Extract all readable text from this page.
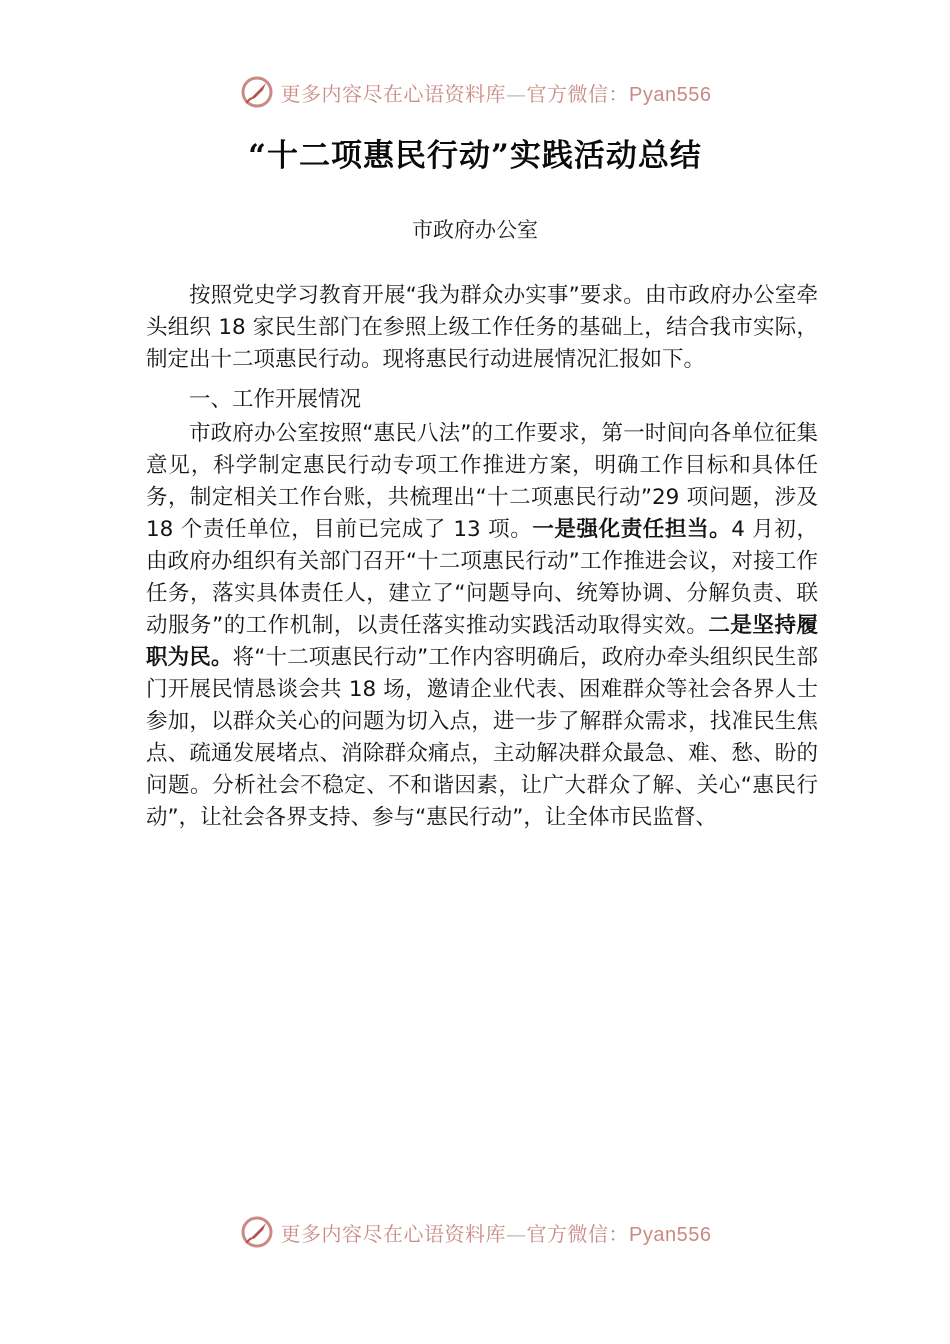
更多内容尽在心语资料库—官方微信：Pyan556
“十二项惠民行动”实践活动总结
市政府办公室

按照党史学习教育开展“我为群众办实事”要求。由市政府办公室牵头组织 18 家民生部门在参照上级工作任务的基础上，结合我市实际，制定出十二项惠民行动。现将惠民行动进展情况汇报如下。

一、工作开展情况

市政府办公室按照“惠民八法”的工作要求，第一时间向各单位征集意见，科学制定惠民行动专项工作推进方案，明确工作目标和具体任务，制定相关工作台账，共梳理出“十二项惠民行动”29 项问题，涉及 18 个责任单位，目前已完成了 13 项。一是强化责任担当。4 月初，由政府办组织有关部门召开“十二项惠民行动”工作推进会议，对接工作任务，落实具体责任人，建立了“问题导向、统筹协调、分解负责、联动服务”的工作机制，以责任落实推动实践活动取得实效。二是坚持履职为民。将“十二项惠民行动”工作内容明确后，政府办牵头组织民生部门开展民情恳谈会共 18 场，邀请企业代表、困难群众等社会各界人士参加，以群众关心的问题为切入点，进一步了解群众需求，找准民生焦点、疏通发展堵点、消除群众痛点，主动解决群众最急、难、愁、盼的问题。分析社会不稳定、不和谐因素，让广大群众了解、关心“惠民行动”，让社会各界支持、参与“惠民行动”，让全体市民监督、

更多内容尽在心语资料库—官方微信：Pyan556
